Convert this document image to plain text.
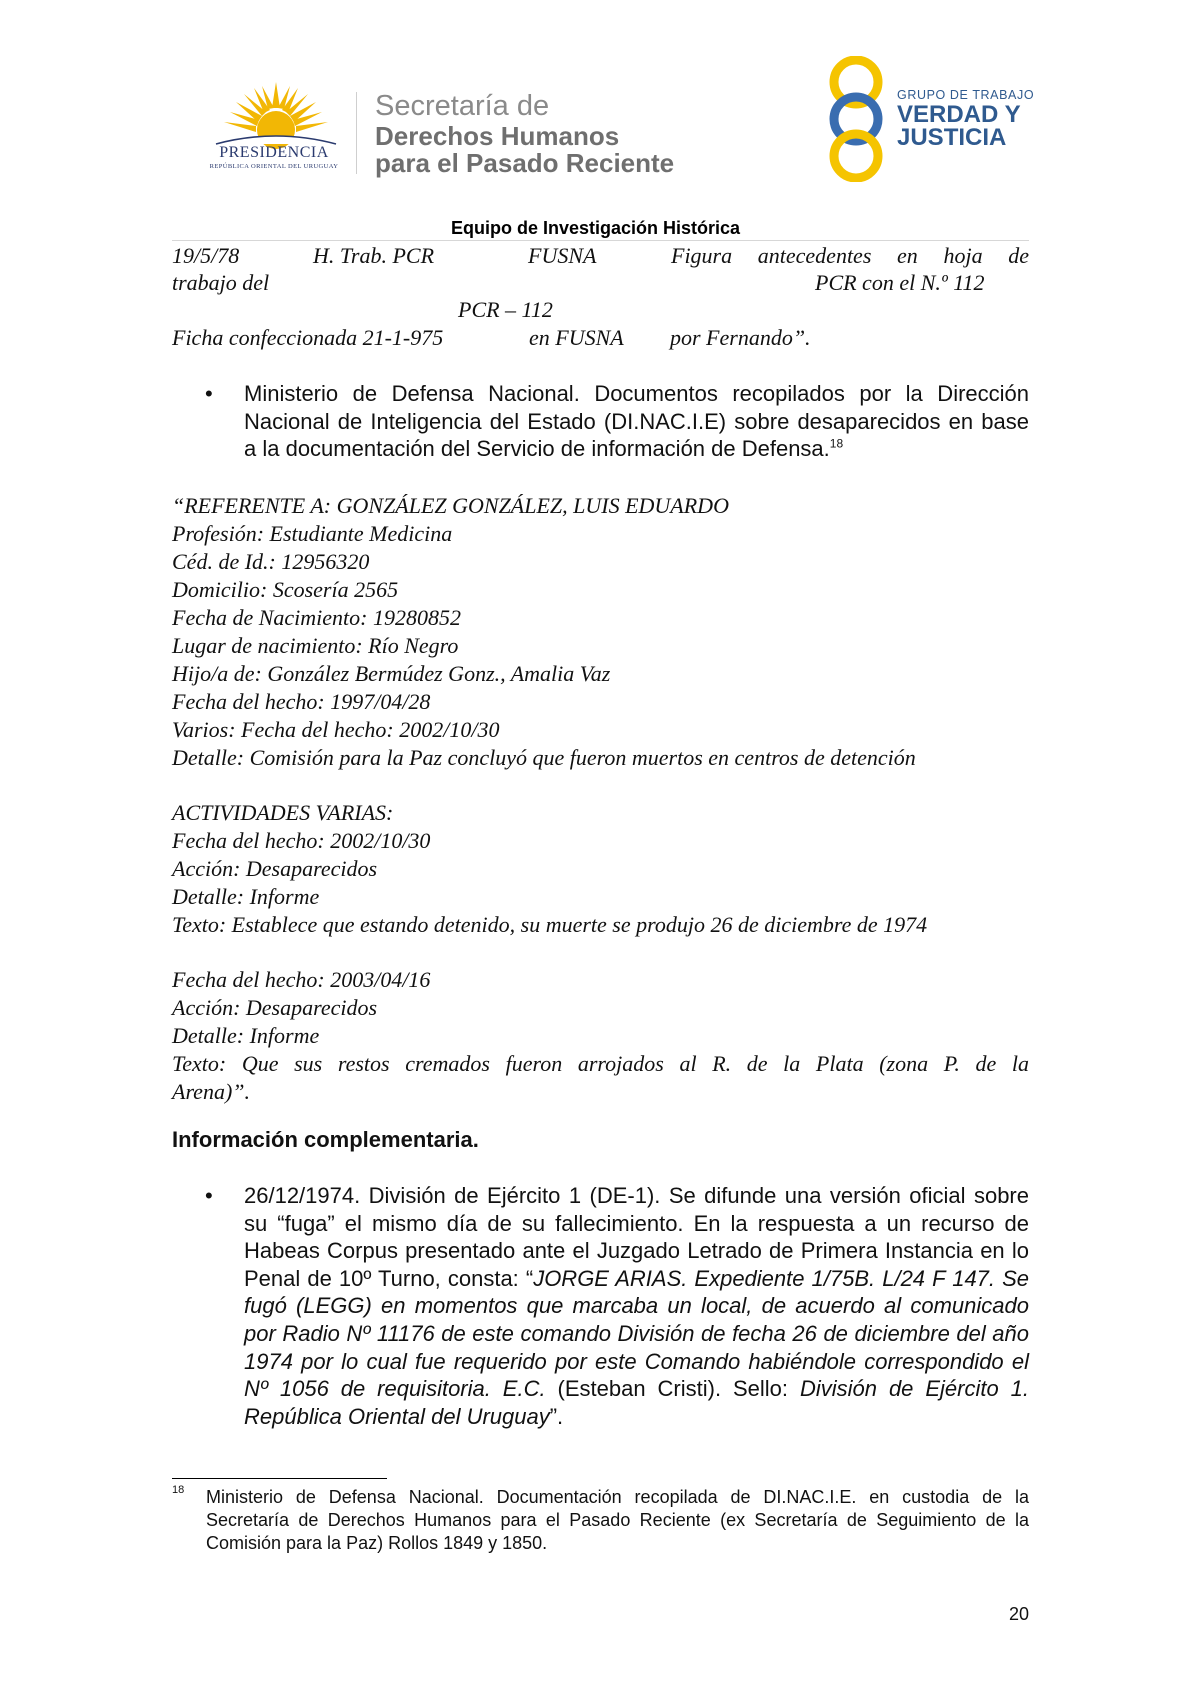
PRESIDENCIA
REPÚBLICA ORIENTAL DEL URUGUAY
Secretaría de
Derechos Humanos
para el Pasado Reciente
GRUPO DE TRABAJO
VERDAD Y
JUSTICIA
Equipo de Investigación Histórica
19/5/78	H. Trab. PCR	FUSNA	Figura antecedentes en hoja de
trabajo del	PCR con el N.º 112
PCR – 112
Ficha confeccionada 21-1-975	en FUSNA por Fernando”.
• Ministerio de Defensa Nacional. Documentos recopilados por la Dirección Nacional de Inteligencia del Estado (DI.NAC.I.E) sobre desaparecidos en base a la documentación del Servicio de información de Defensa.$^{18}$
“REFERENTE A: GONZÁLEZ GONZÁLEZ, LUIS EDUARDO
Profesión: Estudiante Medicina
Céd. de Id.: 12956320
Domicilio: Scosería 2565
Fecha de Nacimiento: 19280852
Lugar de nacimiento: Río Negro
Hijo/a de: González Bermúdez Gonz., Amalia Vaz
Fecha del hecho: 1997/04/28
Varios: Fecha del hecho: 2002/10/30
Detalle: Comisión para la Paz concluyó que fueron muertos en centros de detención
ACTIVIDADES VARIAS:
Fecha del hecho: 2002/10/30
Acción: Desaparecidos
Detalle: Informe
Texto: Establece que estando detenido, su muerte se produjo 26 de diciembre de 1974
Fecha del hecho: 2003/04/16
Acción: Desaparecidos
Detalle: Informe
Texto: Que sus restos cremados fueron arrojados al R. de la Plata (zona P. de la
Arena)”.
Información complementaria.
• 26/12/1974. División de Ejército 1 (DE-1). Se difunde una versión oficial sobre su “fuga” el mismo día de su fallecimiento. En la respuesta a un recurso de Habeas Corpus presentado ante el Juzgado Letrado de Primera Instancia en lo Penal de 10º Turno, consta: “JORGE ARIAS. Expediente 1/75B. L/24 F 147. Se fugó (LEGG) en momentos que marcaba un local, de acuerdo al comunicado por Radio Nº 11176 de este comando División de fecha 26 de diciembre del año 1974 por lo cual fue requerido por este Comando habiéndole correspondido el Nº 1056 de requisitoria. E.C. (Esteban Cristi). Sello: División de Ejército 1. República Oriental del Uruguay”.
18 Ministerio de Defensa Nacional. Documentación recopilada de DI.NAC.I.E. en custodia de la Secretaría de Derechos Humanos para el Pasado Reciente (ex Secretaría de Seguimiento de la Comisión para la Paz) Rollos 1849 y 1850.
20
